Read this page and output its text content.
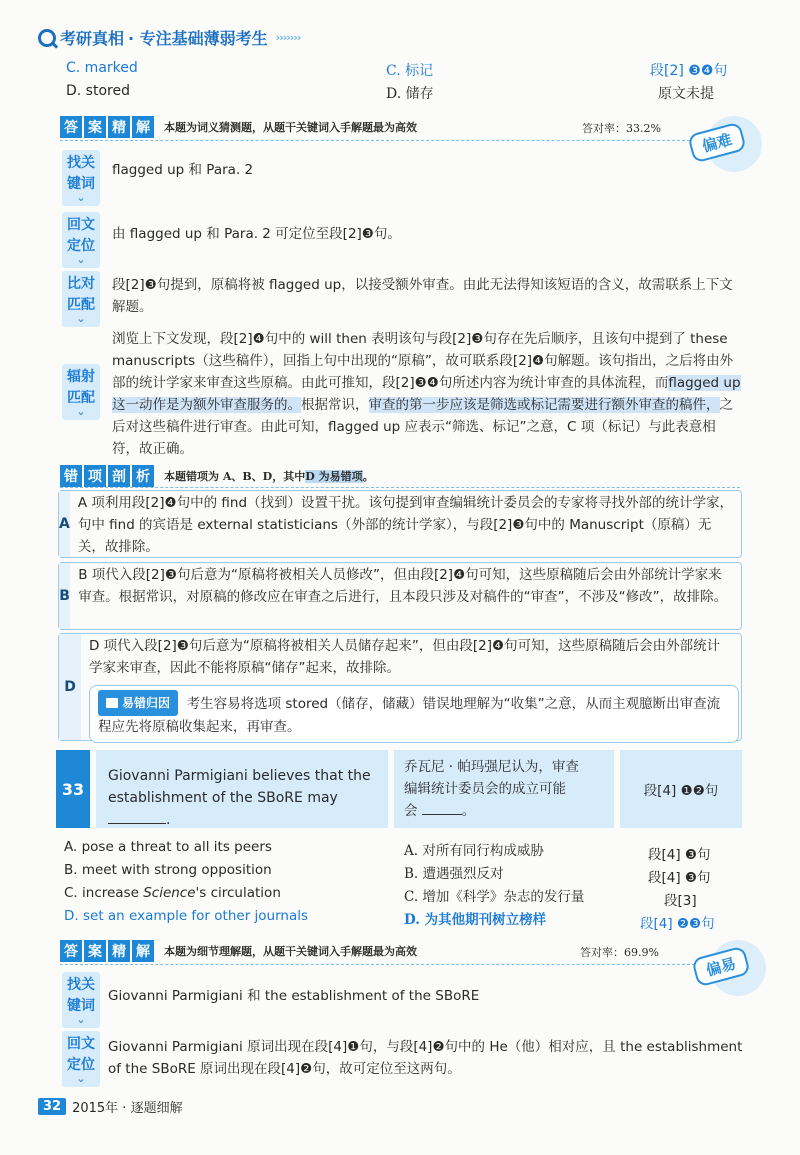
考研真相 · 专注基础薄弱考生 ›››››››
C. marked	C. 标记	段[2] ❸❹句
D. stored	D. 储存	原文未提
答 案 精 解	本题为词义猜测题，从题干关键词入手解题最为高效	答对率：33.2%
偏难
找关键词
⌄
flagged up 和 Para. 2
回文定位
⌄
由 flagged up 和 Para. 2 可定位至段[2]❸句。
比对匹配
⌄
段[2]❸句提到，原稿将被 flagged up，以接受额外审查。由此无法得知该短语的含义，故需联系上下文解题。
辐射匹配
⌄
浏览上下文发现，段[2]❹句中的 will then 表明该句与段[2]❸句存在先后顺序，且该句中提到了 these manuscripts（这些稿件），回指上句中出现的“原稿”，故可联系段[2]❹句解题。该句指出，之后将由外部的统计学家来审查这些原稿。由此可推知，段[2]❸❹句所述内容为统计审查的具体流程，而flagged up 这一动作是为额外审查服务的。根据常识，审查的第一步应该是筛选或标记需要进行额外审查的稿件，之后对这些稿件进行审查。由此可知，flagged up 应表示“筛选、标记”之意，C 项（标记）与此表意相符，故正确。
错 项 剖 析	本题错项为 A、B、D，其中D 为易错项。
A
A 项利用段[2]❹句中的 find（找到）设置干扰。该句提到审查编辑统计委员会的专家将寻找外部的统计学家，句中 find 的宾语是 external statisticians（外部的统计学家），与段[2]❸句中的 Manuscript（原稿）无关，故排除。
B
B 项代入段[2]❸句后意为“原稿将被相关人员修改”，但由段[2]❹句可知，这些原稿随后会由外部统计学家来审查。根据常识，对原稿的修改应在审查之后进行，且本段只涉及对稿件的“审查”，不涉及“修改”，故排除。
D
D 项代入段[2]❸句后意为“原稿将被相关人员储存起来”，但由段[2]❹句可知，这些原稿随后会由外部统计学家来审查，因此不能将原稿“储存”起来，故排除。
易错归因 考生容易将选项 stored（储存，储藏）错误地理解为“收集”之意，从而主观臆断出审查流程应先将原稿收集起来，再审查。
33
Giovanni Parmigiani believes that the
establishment of the SBoRE may .
乔瓦尼 · 帕玛强尼认为，审查
编辑统计委员会的成立可能
会	。
段[4] ❶❷句
A. pose a threat to all its peers	A. 对所有同行构成威胁	段[4] ❸句
B. meet with strong opposition	B. 遭遇强烈反对	段[4] ❸句
C. increase Science's circulation	C. 增加《科学》杂志的发行量	段[3]
D. set an example for other journals	D. 为其他期刊树立榜样	段[4] ❷❸句
答 案 精 解	本题为细节理解题，从题干关键词入手解题最为高效	答对率：69.9%
偏易
找关键词
⌄
Giovanni Parmigiani 和 the establishment of the SBoRE
回文定位
⌄
Giovanni Parmigiani 原词出现在段[4]❶句，与段[4]❷句中的 He（他）相对应，且 the establishment of the SBoRE 原词出现在段[4]❷句，故可定位至这两句。
32 2015年 · 逐题细解
